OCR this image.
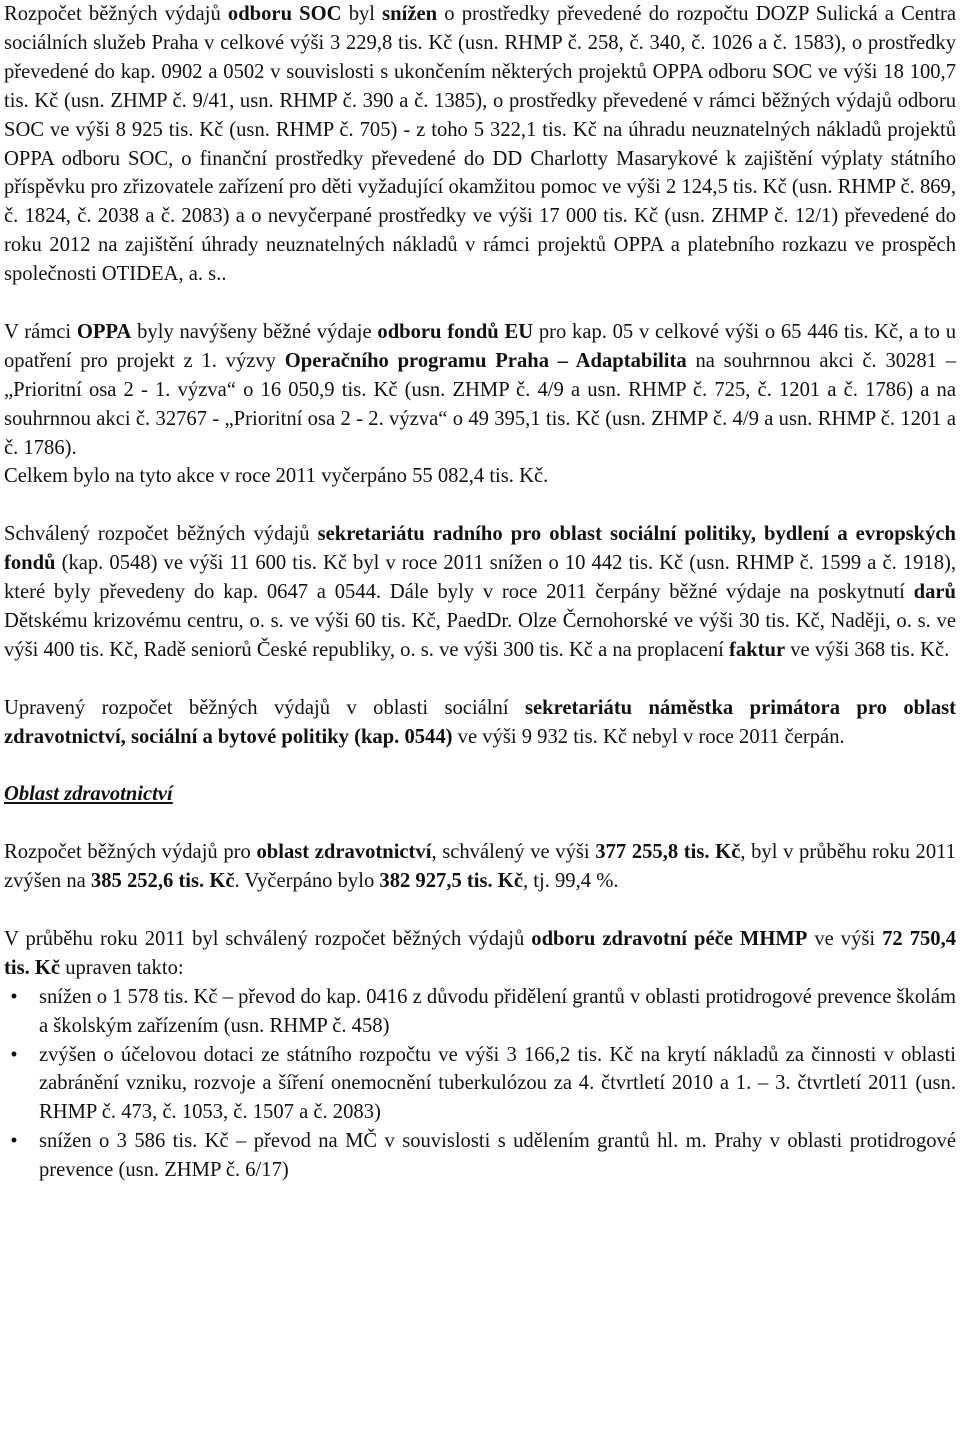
Rozpočet běžných výdajů odboru SOC byl snížen o prostředky převedené do rozpočtu DOZP Sulická a Centra sociálních služeb Praha v celkové výši 3 229,8 tis. Kč (usn. RHMP č. 258, č. 340, č. 1026 a č. 1583), o prostředky převedené do kap. 0902 a 0502 v souvislosti s ukončením některých projektů OPPA odboru SOC ve výši 18 100,7 tis. Kč (usn. ZHMP č. 9/41, usn. RHMP č. 390 a č. 1385), o prostředky převedené v rámci běžných výdajů odboru SOC ve výši 8 925 tis. Kč (usn. RHMP č. 705) - z toho 5 322,1 tis. Kč na úhradu neuznatelných nákladů projektů OPPA odboru SOC, o finanční prostředky převedené do DD Charlotty Masarykové k zajištění výplaty státního příspěvku pro zřizovatele zařízení pro děti vyžadující okamžitou pomoc ve výši 2 124,5 tis. Kč (usn. RHMP č. 869, č. 1824, č. 2038 a č. 2083) a o nevyčerpané prostředky ve výši 17 000 tis. Kč (usn. ZHMP č. 12/1) převedené do roku 2012 na zajištění úhrady neuznatelných nákladů v rámci projektů OPPA a platebního rozkazu ve prospěch společnosti OTIDEA, a. s..

V rámci OPPA byly navýšeny běžné výdaje odboru fondů EU pro kap. 05 v celkové výši o 65 446 tis. Kč, a to u opatření pro projekt z 1. výzvy Operačního programu Praha – Adaptabilita na souhrnnou akci č. 30281 – „Prioritní osa 2 - 1. výzva“ o 16 050,9 tis. Kč (usn. ZHMP č. 4/9 a usn. RHMP č. 725, č. 1201 a č. 1786) a na souhrnnou akci č. 32767 - „Prioritní osa 2 - 2. výzva“ o 49 395,1 tis. Kč (usn. ZHMP č. 4/9 a usn. RHMP č. 1201 a č. 1786).

Celkem bylo na tyto akce v roce 2011 vyčerpáno 55 082,4 tis. Kč.

Schválený rozpočet běžných výdajů sekretariátu radního pro oblast sociální politiky, bydlení a evropských fondů (kap. 0548) ve výši 11 600 tis. Kč byl v roce 2011 snížen o 10 442 tis. Kč (usn. RHMP č. 1599 a č. 1918), které byly převedeny do kap. 0647 a 0544. Dále byly v roce 2011 čerpány běžné výdaje na poskytnutí darů Dětskému krizovému centru, o. s. ve výši 60 tis. Kč, PaedDr. Olze Černohorské ve výši 30 tis. Kč, Naději, o. s. ve výši 400 tis. Kč, Radě seniorů České republiky, o. s. ve výši 300 tis. Kč a na proplacení faktur ve výši 368 tis. Kč.

Upravený rozpočet běžných výdajů v oblasti sociální sekretariátu náměstka primátora pro oblast zdravotnictví, sociální a bytové politiky (kap. 0544) ve výši 9 932 tis. Kč nebyl v roce 2011 čerpán.

Oblast zdravotnictví

Rozpočet běžných výdajů pro oblast zdravotnictví, schválený ve výši 377 255,8 tis. Kč, byl v průběhu roku 2011 zvýšen na 385 252,6 tis. Kč. Vyčerpáno bylo 382 927,5 tis. Kč, tj. 99,4 %.

V průběhu roku 2011 byl schválený rozpočet běžných výdajů odboru zdravotní péče MHMP ve výši 72 750,4 tis. Kč upraven takto:

•	snížen o 1 578 tis. Kč – převod do kap. 0416 z důvodu přidělení grantů v oblasti protidrogové prevence školám a školským zařízením (usn. RHMP č. 458)
•	zvýšen o účelovou dotaci ze státního rozpočtu ve výši 3 166,2 tis. Kč na krytí nákladů za činnosti v oblasti zabránění vzniku, rozvoje a šíření onemocnění tuberkulózou za 4. čtvrtletí 2010 a 1. – 3. čtvrtletí 2011 (usn. RHMP č. 473, č. 1053, č. 1507 a č. 2083)
•	snížen o 3 586 tis. Kč – převod na MČ v souvislosti s udělením grantů hl. m. Prahy v oblasti protidrogové prevence (usn. ZHMP č. 6/17)
